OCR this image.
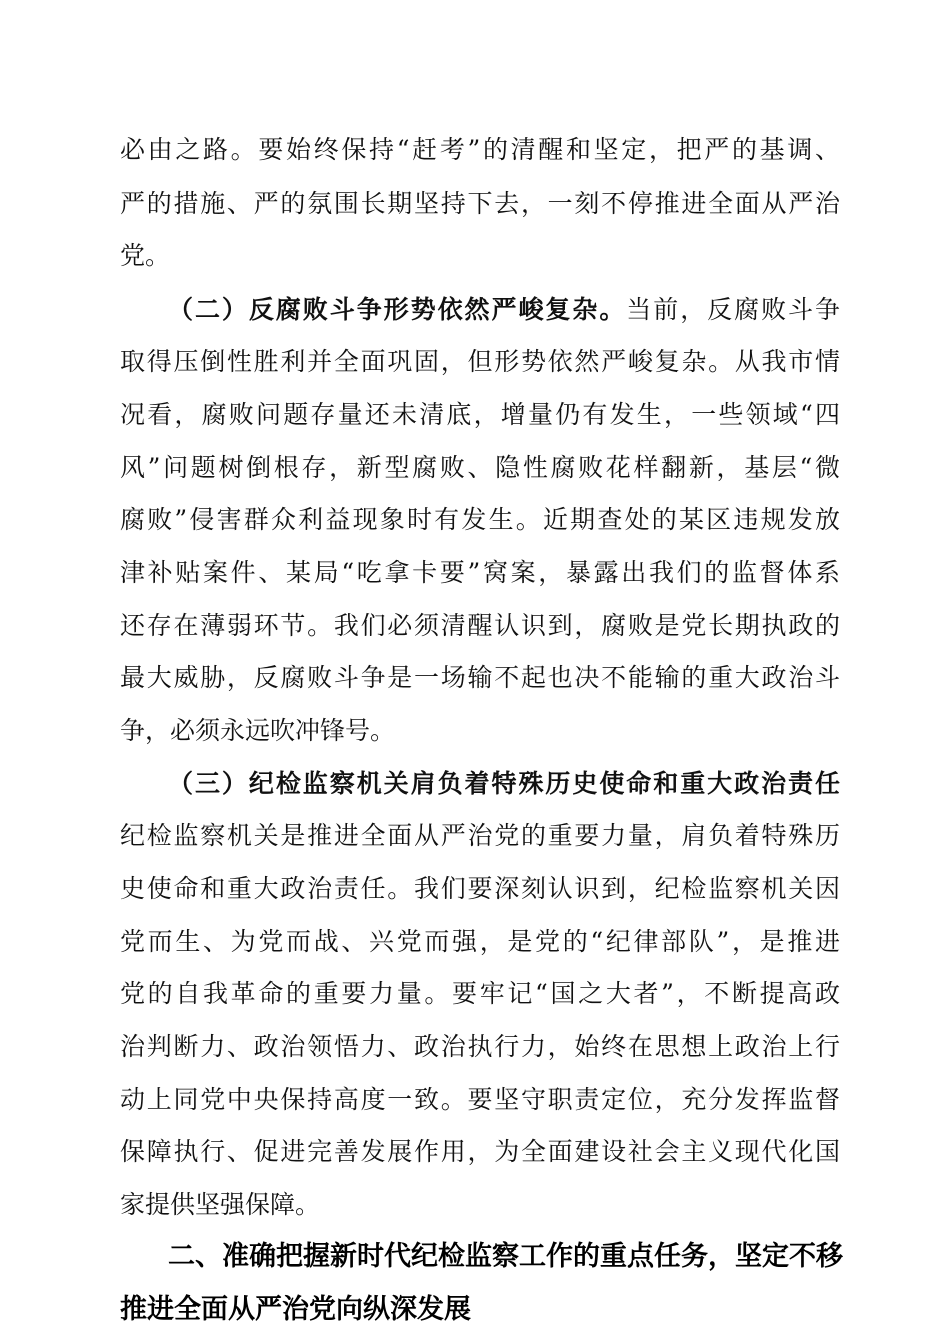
必由之路。要始终保持“赶考”的清醒和坚定，把严的基调、
严的措施、严的氛围长期坚持下去，一刻不停推进全面从严治
党。
（二）反腐败斗争形势依然严峻复杂。当前，反腐败斗争
取得压倒性胜利并全面巩固，但形势依然严峻复杂。从我市情
况看，腐败问题存量还未清底，增量仍有发生，一些领域“四
风”问题树倒根存，新型腐败、隐性腐败花样翻新，基层“微
腐败”侵害群众利益现象时有发生。近期查处的某区违规发放
津补贴案件、某局“吃拿卡要”窝案，暴露出我们的监督体系
还存在薄弱环节。我们必须清醒认识到，腐败是党长期执政的
最大威胁，反腐败斗争是一场输不起也决不能输的重大政治斗
争，必须永远吹冲锋号。
（三）纪检监察机关肩负着特殊历史使命和重大政治责任
纪检监察机关是推进全面从严治党的重要力量，肩负着特殊历
史使命和重大政治责任。我们要深刻认识到，纪检监察机关因
党而生、为党而战、兴党而强，是党的“纪律部队”，是推进
党的自我革命的重要力量。要牢记“国之大者”，不断提高政
治判断力、政治领悟力、政治执行力，始终在思想上政治上行
动上同党中央保持高度一致。要坚守职责定位，充分发挥监督
保障执行、促进完善发展作用，为全面建设社会主义现代化国
家提供坚强保障。
二、准确把握新时代纪检监察工作的重点任务，坚定不移
推进全面从严治党向纵深发展
